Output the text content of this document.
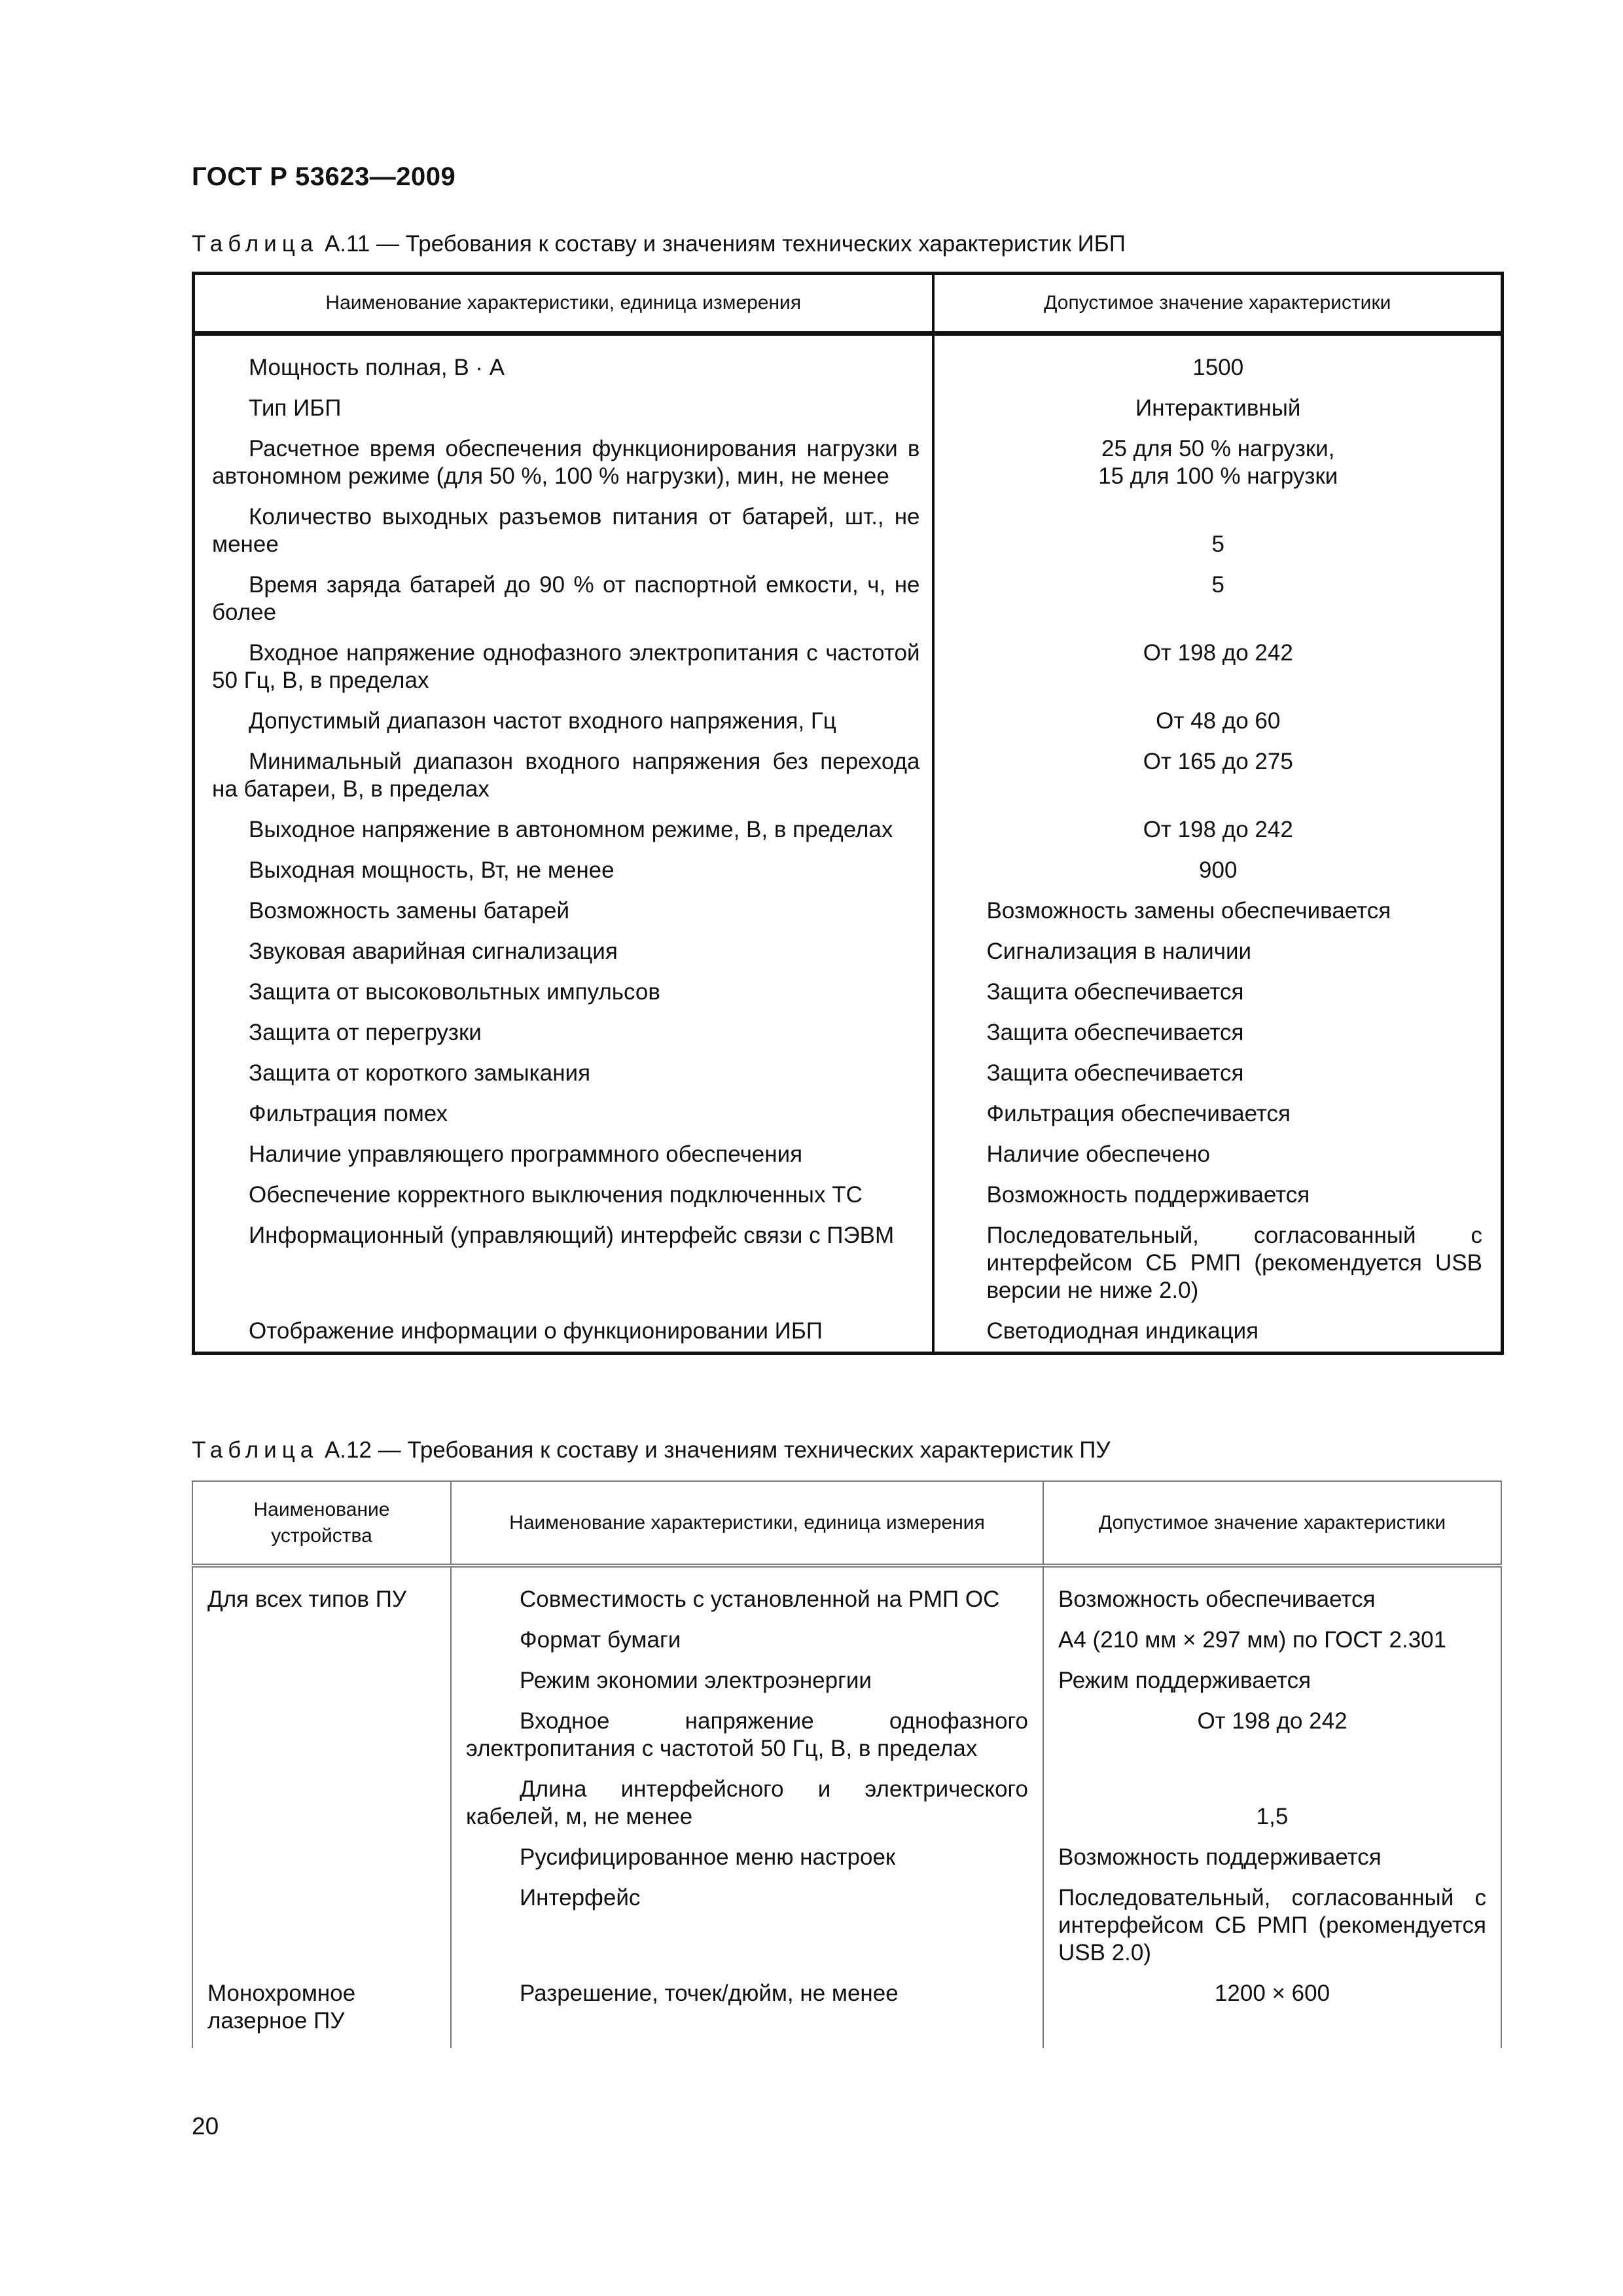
ГОСТ Р 53623—2009
Таблица А.11 — Требования к составу и значениям технических характеристик ИБП
Наименование характеристики, единица измерения	Допустимое значение характеристики
Мощность полная, В · А	1500
Тип ИБП	Интерактивный
Расчетное время обеспечения функционирования нагрузки в автономном режиме (для 50 %, 100 % нагрузки), мин, не менее	25 для 50 % нагрузки,
15 для 100 % нагрузки
Количество выходных разъемов питания от батарей, шт., не менее	5
Время заряда батарей до 90 % от паспортной емкости, ч, не более	5
Входное напряжение однофазного электропитания с частотой 50 Гц, В, в пределах	От 198 до 242
Допустимый диапазон частот входного напряжения, Гц	От 48 до 60
Минимальный диапазон входного напряжения без перехода на батареи, В, в пределах	От 165 до 275
Выходное напряжение в автономном режиме, В, в пределах	От 198 до 242
Выходная мощность, Вт, не менее	900
Возможность замены батарей	Возможность замены обеспечивается
Звуковая аварийная сигнализация	Сигнализация в наличии
Защита от высоковольтных импульсов	Защита обеспечивается
Защита от перегрузки	Защита обеспечивается
Защита от короткого замыкания	Защита обеспечивается
Фильтрация помех	Фильтрация обеспечивается
Наличие управляющего программного обеспечения	Наличие обеспечено
Обеспечение корректного выключения подключенных ТС	Возможность поддерживается
Информационный (управляющий) интерфейс связи с ПЭВМ	Последовательный, согласованный с интерфейсом СБ РМП (рекомендуется USB версии не ниже 2.0)
Отображение информации о функционировании ИБП	Светодиодная индикация
Таблица А.12 — Требования к составу и значениям технических характеристик ПУ
Наименование устройства	Наименование характеристики, единица измерения	Допустимое значение характеристики
Для всех типов ПУ	Совместимость с установленной на РМП ОС	Возможность обеспечивается
	Формат бумаги	А4 (210 мм × 297 мм) по ГОСТ 2.301
	Режим экономии электроэнергии	Режим поддерживается
	Входное напряжение однофазного электропитания с частотой 50 Гц, В, в пределах	От 198 до 242
	Длина интерфейсного и электрического кабелей, м, не менее	1,5
	Русифицированное меню настроек	Возможность поддерживается
	Интерфейс	Последовательный, согласованный с интерфейсом СБ РМП (рекомендуется USB 2.0)
Монохромное лазерное ПУ	Разрешение, точек/дюйм, не менее	1200 × 600
20
